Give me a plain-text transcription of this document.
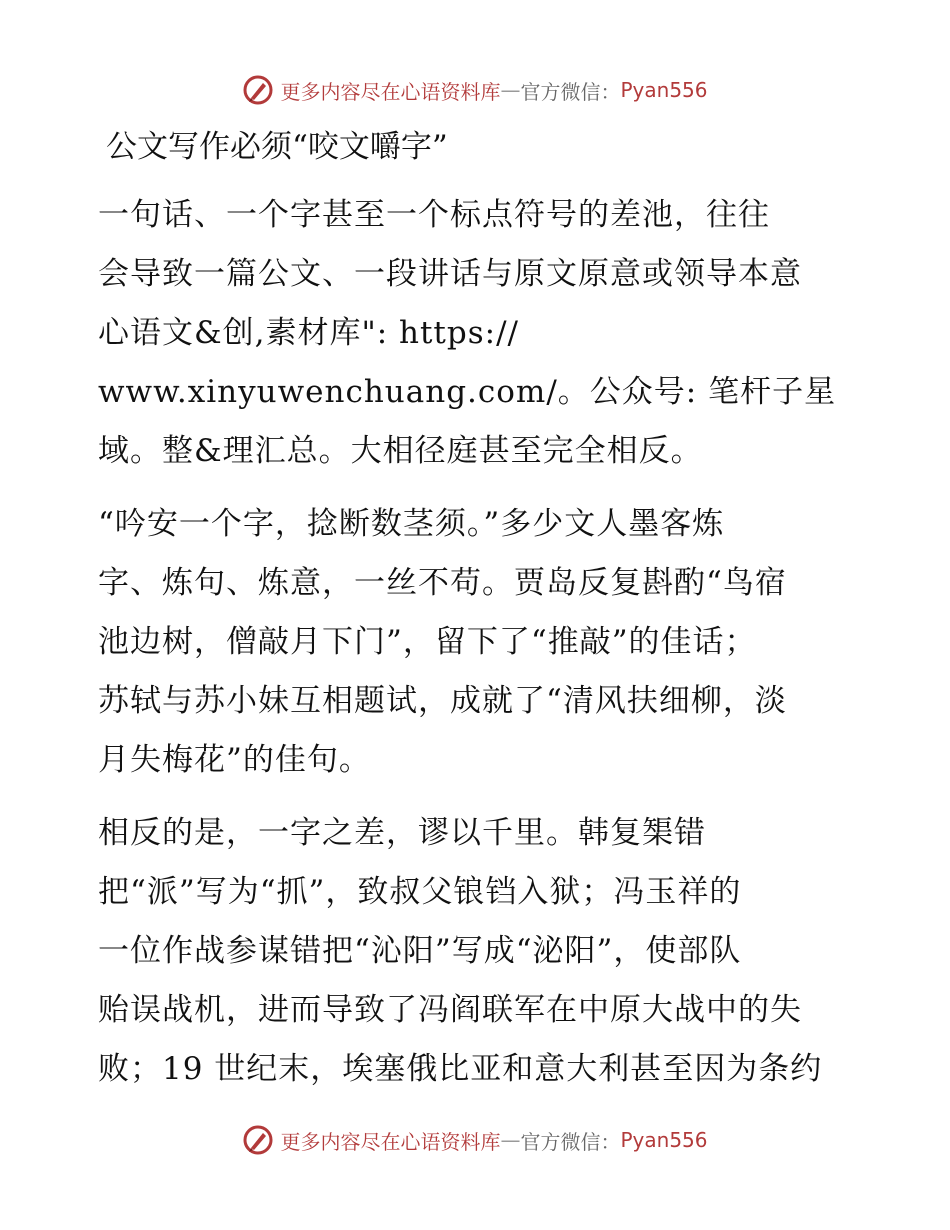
更多内容尽在心语资料库 — 官方微信： Pyan556
公文写作必须“咬文嚼字”
一句话、一个字甚至一个标点符号的差池，往往
会导致一篇公文、一段讲话与原文原意或领导本意
心语文&创,素材库": https://
www.xinyuwenchuang.com/。公众号: 笔杆子星
域。整&理汇总。大相径庭甚至完全相反。
“吟安一个字，捻断数茎须。”多少文人墨客炼
字、炼句、炼意，一丝不苟。贾岛反复斟酌“鸟宿
池边树，僧敲月下门”，留下了“推敲”的佳话；
苏轼与苏小妹互相题试，成就了“清风扶细柳，淡
月失梅花”的佳句。
相反的是，一字之差，谬以千里。韩复榘错
把“派”写为“抓”，致叔父锒铛入狱；冯玉祥的
一位作战参谋错把“沁阳”写成“泌阳”，使部队
贻误战机，进而导致了冯阎联军在中原大战中的失
败；19 世纪末，埃塞俄比亚和意大利甚至因为条约
更多内容尽在心语资料库 — 官方微信： Pyan556
